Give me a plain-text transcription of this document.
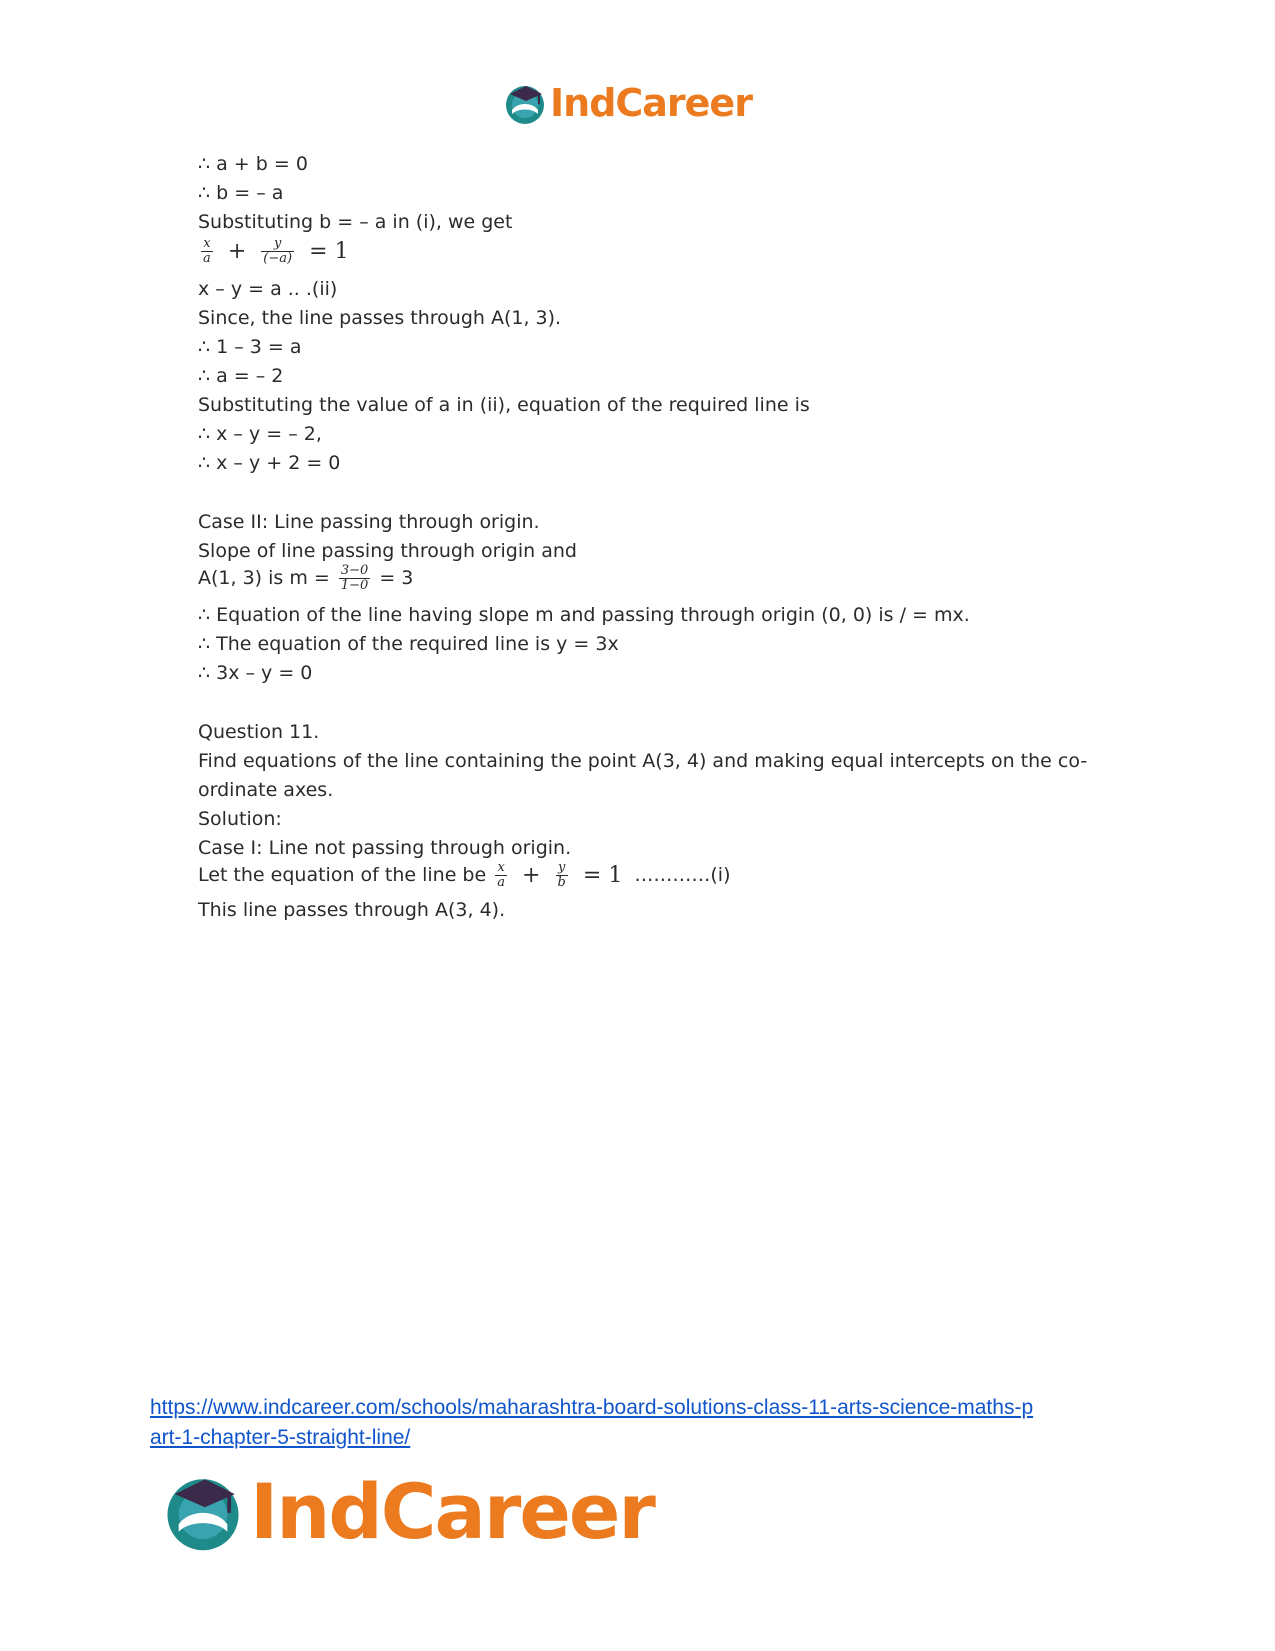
IndCareer
∴ a + b = 0
∴ b = – a
Substituting b = – a in (i), we get
$\frac{x}{a} + \frac{y}{(-a)} = 1$
x – y = a .. .(ii)
Since, the line passes through A(1, 3).
∴ 1 – 3 = a
∴ a = – 2
Substituting the value of a in (ii), equation of the required line is
∴ x – y = – 2,
∴ x – y + 2 = 0
Case II: Line passing through origin.
Slope of line passing through origin and
A(1, 3) is $m = \frac{3-0}{1-0} = 3$
∴ Equation of the line having slope m and passing through origin (0, 0) is / = mx.
∴ The equation of the required line is y = 3x
∴ 3x – y = 0
Question 11.
Find equations of the line containing the point A(3, 4) and making equal intercepts on the co-
ordinate axes.
Solution:
Case I: Line not passing through origin.
Let the equation of the line be $\frac{x}{a} + \frac{y}{b} = 1$ …………(i)
This line passes through A(3, 4).
https://www.indcareer.com/schools/maharashtra-board-solutions-class-11-arts-science-maths-p
art-1-chapter-5-straight-line/
IndCareer
